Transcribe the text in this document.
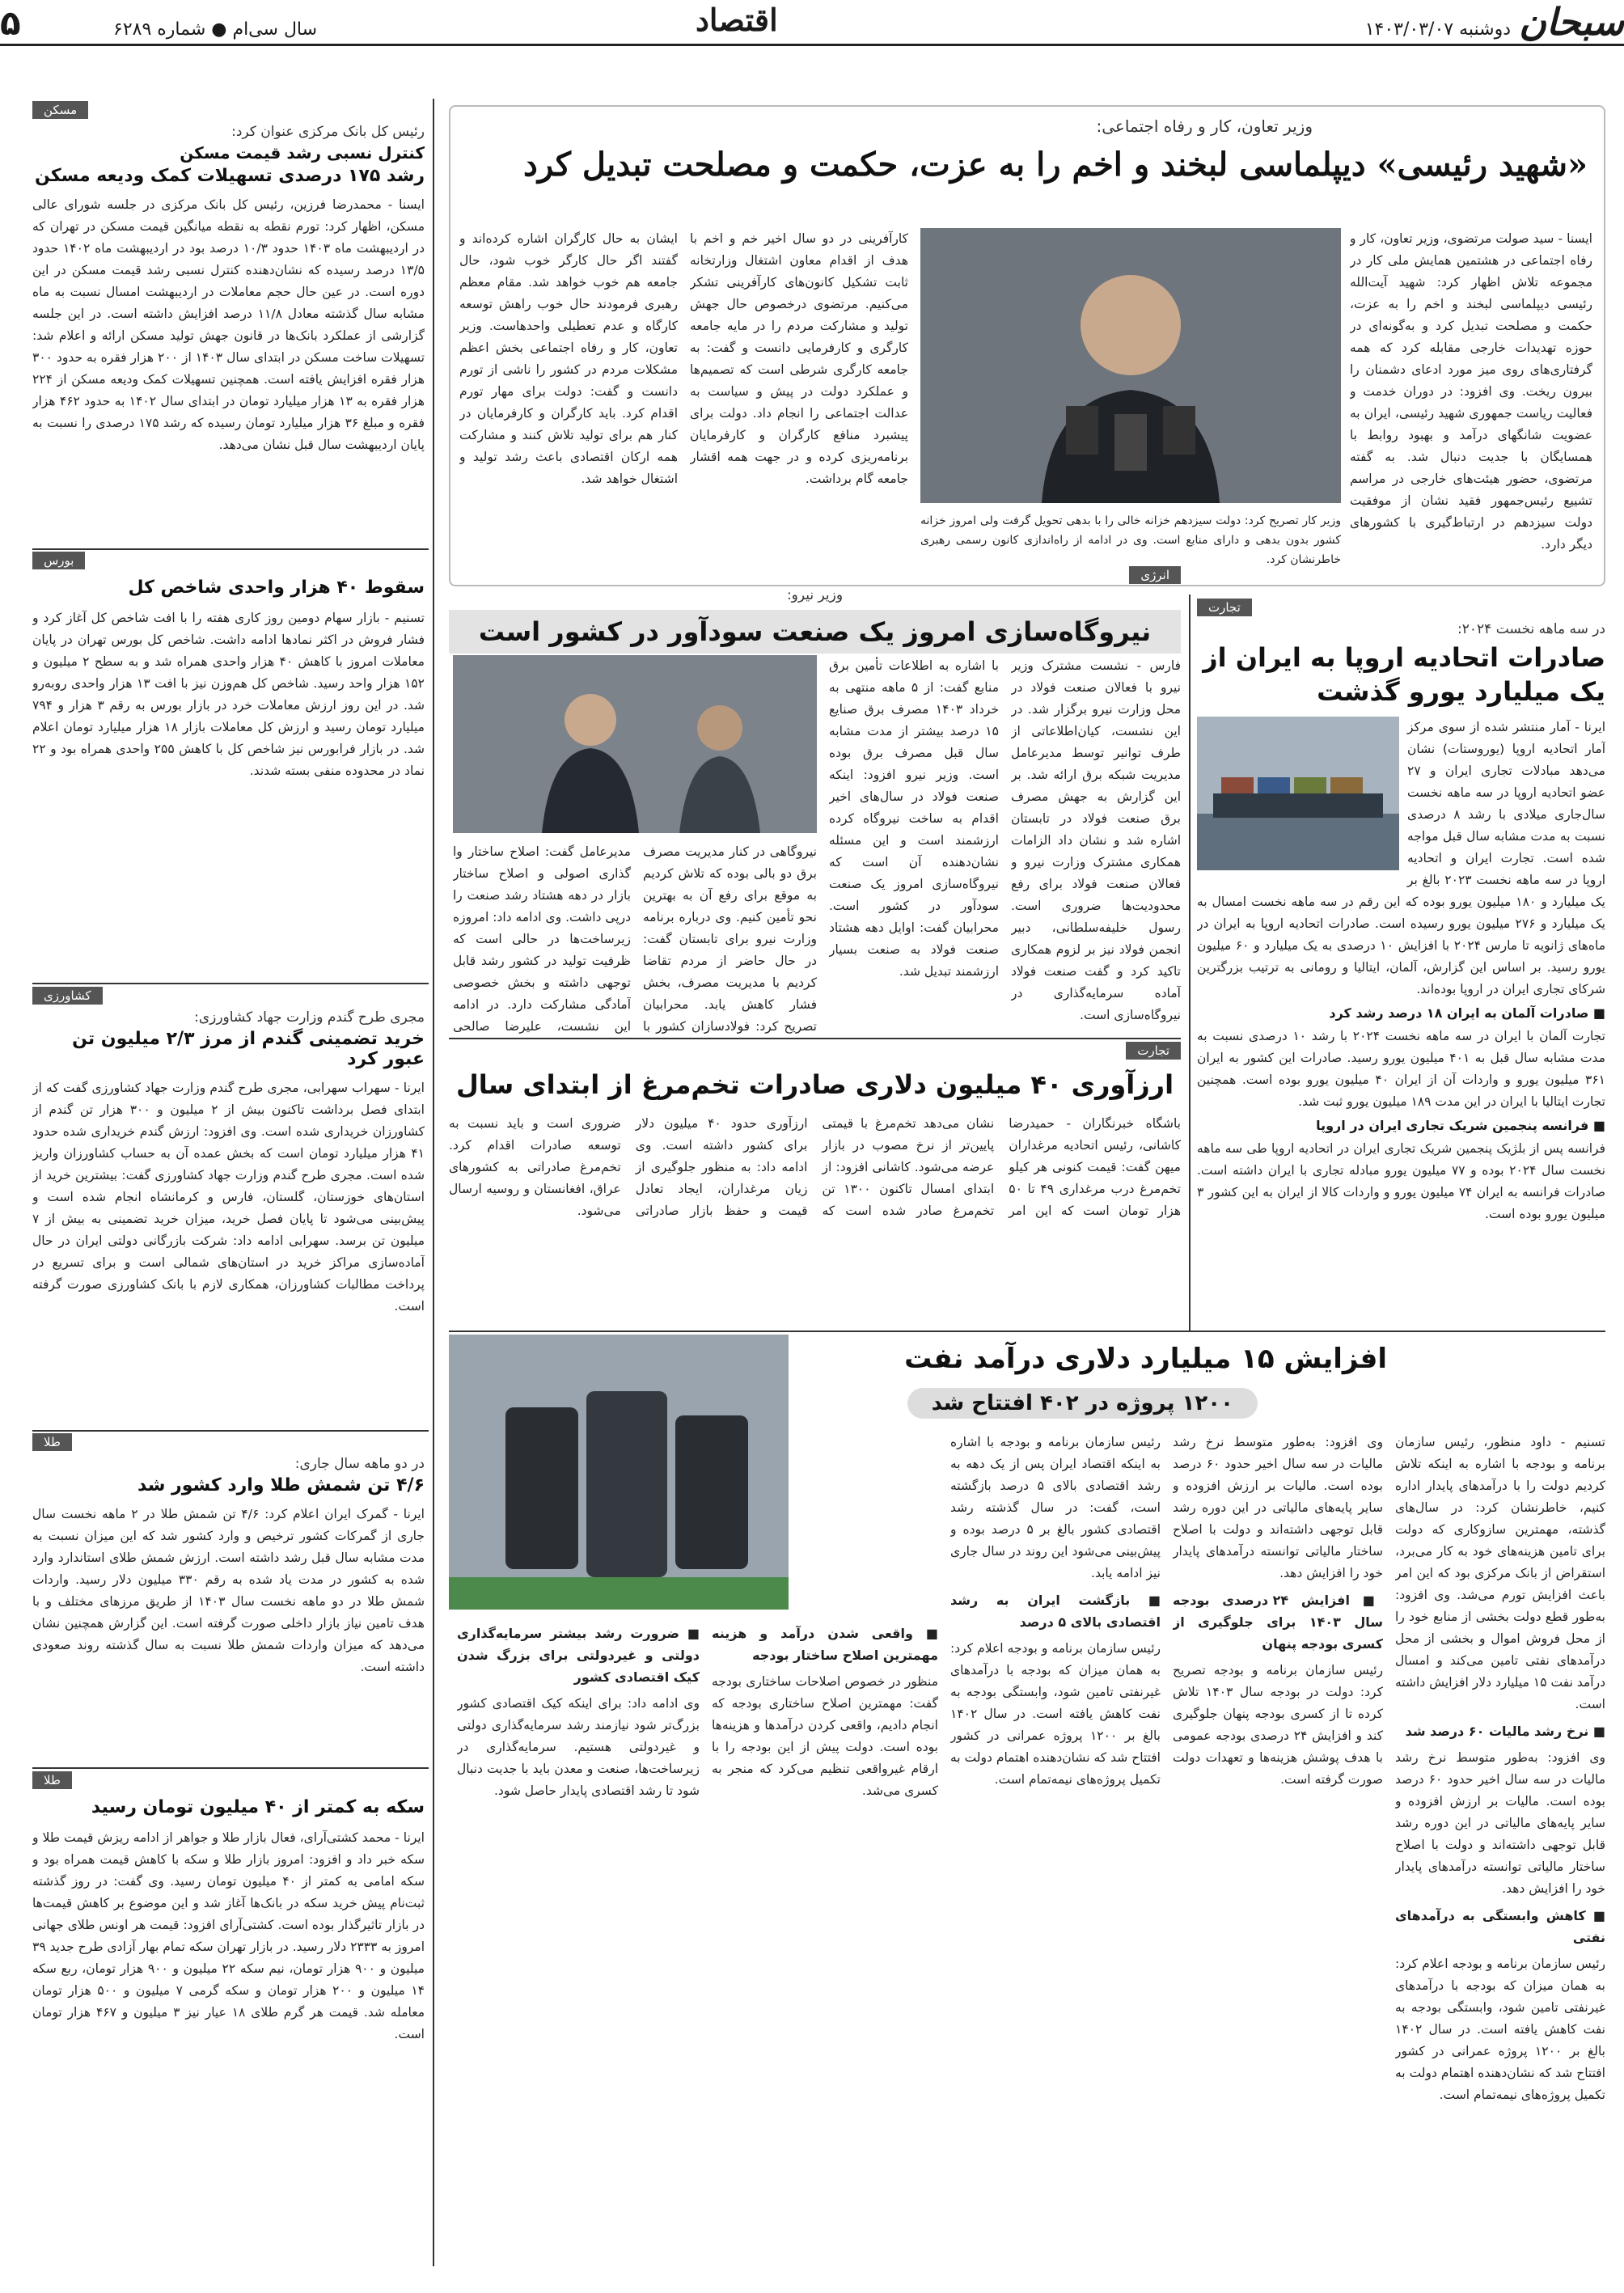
سبحان
دوشنبه ۱۴۰۳/۰۳/۰۷
اقتصاد
سال سی‌ام ● شماره ۶۲۸۹
۵
مسکن
رئیس کل بانک مرکزی عنوان کرد:
کنترل نسبی رشد قیمت مسکن
رشد ۱۷۵ درصدی تسهیلات کمک ودیعه مسکن
ایسنا - محمدرضا فرزین، رئیس کل بانک مرکزی در جلسه شورای عالی مسکن، اظهار کرد: تورم نقطه به نقطه میانگین قیمت مسکن در تهران که در اردیبهشت ماه ۱۴۰۳ حدود ۱۰/۳ درصد بود در اردیبهشت ماه ۱۴۰۲ حدود ۱۳/۵ درصد رسیده که نشان‌دهنده کنترل نسبی رشد قیمت مسکن در این دوره است. در عین حال حجم معاملات در اردیبهشت امسال نسبت به ماه مشابه سال گذشته معادل ۱۱/۸ درصد افزایش داشته است. در این جلسه گزارشی از عملکرد بانک‌ها در قانون جهش تولید مسکن ارائه و اعلام شد: تسهیلات ساخت مسکن در ابتدای سال ۱۴۰۳ از ۲۰۰ هزار فقره به حدود ۳۰۰ هزار فقره افزایش یافته است. همچنین تسهیلات کمک ودیعه مسکن از ۲۲۴ هزار فقره به ۱۳ هزار میلیارد تومان در ابتدای سال ۱۴۰۲ به حدود ۴۶۲ هزار فقره و مبلغ ۳۶ هزار میلیارد تومان رسیده که رشد ۱۷۵ درصدی را نسبت به پایان اردیبهشت سال قبل نشان می‌دهد.
بورس
سقوط ۴۰ هزار واحدی شاخص کل
تسنیم - بازار سهام دومین روز کاری هفته را با افت شاخص کل آغاز کرد و فشار فروش در اکثر نمادها ادامه داشت. شاخص کل بورس تهران در پایان معاملات امروز با کاهش ۴۰ هزار واحدی همراه شد و به سطح ۲ میلیون و ۱۵۲ هزار واحد رسید. شاخص کل هم‌وزن نیز با افت ۱۳ هزار واحدی روبه‌رو شد. در این روز ارزش معاملات خرد در بازار بورس به رقم ۳ هزار و ۷۹۴ میلیارد تومان رسید و ارزش کل معاملات بازار ۱۸ هزار میلیارد تومان اعلام شد. در بازار فرابورس نیز شاخص کل با کاهش ۲۵۵ واحدی همراه بود و ۲۲ نماد در محدوده منفی بسته شدند.
کشاورزی
مجری طرح گندم وزارت جهاد کشاورزی:
خرید تضمینی گندم از مرز ۲/۳ میلیون تن عبور کرد
ایرنا - سهراب سهرابی، مجری طرح گندم وزارت جهاد کشاورزی گفت که از ابتدای فصل برداشت تاکنون بیش از ۲ میلیون و ۳۰۰ هزار تن گندم از کشاورزان خریداری شده است. وی افزود: ارزش گندم خریداری شده حدود ۴۱ هزار میلیارد تومان است که بخش عمده آن به حساب کشاورزان واریز شده است. مجری طرح گندم وزارت جهاد کشاورزی گفت: بیشترین خرید از استان‌های خوزستان، گلستان، فارس و کرمانشاه انجام شده است و پیش‌بینی می‌شود تا پایان فصل خرید، میزان خرید تضمینی به بیش از ۷ میلیون تن برسد. سهرابی ادامه داد: شرکت بازرگانی دولتی ایران در حال آماده‌سازی مراکز خرید در استان‌های شمالی است و برای تسریع در پرداخت مطالبات کشاورزان، همکاری لازم با بانک کشاورزی صورت گرفته است.
طلا
در دو ماهه سال جاری:
۴/۶ تن شمش طلا وارد کشور شد
ایرنا - گمرک ایران اعلام کرد: ۴/۶ تن شمش طلا در ۲ ماهه نخست سال جاری از گمرکات کشور ترخیص و وارد کشور شد که این میزان نسبت به مدت مشابه سال قبل رشد داشته است. ارزش شمش طلای استاندارد وارد شده به کشور در مدت یاد شده به رقم ۳۳۰ میلیون دلار رسید. واردات شمش طلا در دو ماهه نخست سال ۱۴۰۳ از طریق مرزهای مختلف و با هدف تامین نیاز بازار داخلی صورت گرفته است. این گزارش همچنین نشان می‌دهد که میزان واردات شمش طلا نسبت به سال گذشته روند صعودی داشته است.
طلا
سکه به کمتر از ۴۰ میلیون تومان رسید
ایرنا - محمد کشتی‌آرای، فعال بازار طلا و جواهر از ادامه ریزش قیمت طلا و سکه خبر داد و افزود: امروز بازار طلا و سکه با کاهش قیمت همراه بود و سکه امامی به کمتر از ۴۰ میلیون تومان رسید. وی گفت: در روز گذشته ثبت‌نام پیش خرید سکه در بانک‌ها آغاز شد و این موضوع بر کاهش قیمت‌ها در بازار تاثیرگذار بوده است. کشتی‌آرای افزود: قیمت هر اونس طلای جهانی امروز به ۲۳۳۳ دلار رسید. در بازار تهران سکه تمام بهار آزادی طرح جدید ۳۹ میلیون و ۹۰۰ هزار تومان، نیم سکه ۲۲ میلیون و ۹۰۰ هزار تومان، ربع سکه ۱۴ میلیون و ۲۰۰ هزار تومان و سکه گرمی ۷ میلیون و ۵۰۰ هزار تومان معامله شد. قیمت هر گرم طلای ۱۸ عیار نیز ۳ میلیون و ۴۶۷ هزار تومان است.
وزیر تعاون، کار و رفاه اجتماعی:
«شهید رئیسی» دیپلماسی لبخند و اخم را به عزت، حکمت و مصلحت تبدیل کرد
ایسنا - سید صولت مرتضوی، وزیر تعاون، کار و رفاه اجتماعی در هشتمین همایش ملی کار در مجموعه تلاش اظهار کرد: شهید آیت‌الله رئیسی دیپلماسی لبخند و اخم را به عزت، حکمت و مصلحت تبدیل کرد و به‌گونه‌ای در حوزه تهدیدات خارجی مقابله کرد که همه گرفتاری‌های روی میز مورد ادعای دشمنان را بیرون ریخت. وی افزود: در دوران خدمت و فعالیت ریاست جمهوری شهید رئیسی، ایران به عضویت شانگهای درآمد و بهبود روابط با همسایگان با جدیت دنبال شد. به گفته مرتضوی، حضور هیئت‌های خارجی در مراسم تشییع رئیس‌جمهور فقید نشان از موفقیت دولت سیزدهم در ارتباط‌گیری با کشورهای دیگر دارد.
وزیر کار تصریح کرد: دولت سیزدهم خزانه خالی را با بدهی تحویل گرفت ولی امروز خزانه کشور بدون بدهی و دارای منابع است. وی در ادامه از راه‌اندازی کانون رسمی رهبری خاطرنشان کرد.
کارآفرینی در دو سال اخیر خم و اخم با هدف از اقدام معاون اشتغال وزارتخانه ثابت تشکیل کانون‌های کارآفرینی تشکر می‌کنیم. مرتضوی درخصوص حال جهش تولید و مشارکت مردم را در مایه جامعه کارگری و کارفرمایی دانست و گفت: به جامعه کارگری شرطی است که تصمیم‌ها و عملکرد دولت در پیش و سیاست به عدالت اجتماعی را انجام داد. دولت برای پیشبرد منافع کارگران و کارفرمایان برنامه‌ریزی کرده و در جهت همه اقشار جامعه گام برداشت.
ایشان به حال کارگران اشاره کرده‌اند و گفتند اگر حال کارگر خوب شود، حال جامعه هم خوب خواهد شد. مقام معظم رهبری فرمودند حال خوب راهش توسعه کارگاه و عدم تعطیلی واحدهاست. وزیر تعاون، کار و رفاه اجتماعی بخش اعظم مشکلات مردم در کشور را ناشی از تورم دانست و گفت: دولت برای مهار تورم اقدام کرد. باید کارگران و کارفرمایان در کنار هم برای تولید تلاش کنند و مشارکت همه ارکان اقتصادی باعث رشد تولید و اشتغال خواهد شد.
تجارت
در سه ماهه نخست ۲۰۲۴:
صادرات اتحادیه اروپا به ایران از یک میلیارد یورو گذشت
ایرنا - آمار منتشر شده از سوی مرکز آمار اتحادیه اروپا (یوروستات) نشان می‌دهد مبادلات تجاری ایران و ۲۷ عضو اتحادیه اروپا در سه ماهه نخست سال‌جاری میلادی با رشد ۸ درصدی نسبت به مدت مشابه سال قبل مواجه شده است. تجارت ایران و اتحادیه اروپا در سه ماهه نخست ۲۰۲۳ بالغ بر یک میلیارد و ۱۸۰ میلیون یورو بوده که این رقم در سه ماهه نخست امسال به یک میلیارد و ۲۷۶ میلیون یورو رسیده است. صادرات اتحادیه اروپا به ایران در ماه‌های ژانویه تا مارس ۲۰۲۴ با افزایش ۱۰ درصدی به یک میلیارد و ۶۰ میلیون یورو رسید. بر اساس این گزارش، آلمان، ایتالیا و رومانی به ترتیب بزرگترین شرکای تجاری ایران در اروپا بوده‌اند.
■ صادرات آلمان به ایران ۱۸ درصد رشد کرد
تجارت آلمان با ایران در سه ماهه نخست ۲۰۲۴ با رشد ۱۰ درصدی نسبت به مدت مشابه سال قبل به ۴۰۱ میلیون یورو رسید. صادرات این کشور به ایران ۳۶۱ میلیون یورو و واردات آن از ایران ۴۰ میلیون یورو بوده است. همچنین تجارت ایتالیا با ایران در این مدت ۱۸۹ میلیون یورو ثبت شد.
■ فرانسه پنجمین شریک تجاری ایران در اروپا
فرانسه پس از بلژیک پنجمین شریک تجاری ایران در اتحادیه اروپا طی سه ماهه نخست سال ۲۰۲۴ بوده و ۷۷ میلیون یورو مبادله تجاری با ایران داشته است. صادرات فرانسه به ایران ۷۴ میلیون یورو و واردات کالا از ایران به این کشور ۳ میلیون یورو بوده است.
انرژی
وزیر نیرو:
نیروگاه‌سازی امروز یک صنعت سودآور در کشور است
فارس - نشست مشترک وزیر نیرو با فعالان صنعت فولاد در محل وزارت نیرو برگزار شد. در این نشست، کیان‌اطلاعاتی از طرف توانیر توسط مدیرعامل مدیریت شبکه برق ارائه شد. بر این گزارش به جهش مصرف برق صنعت فولاد در تابستان اشاره شد و نشان داد الزامات همکاری مشترک وزارت نیرو و فعالان صنعت فولاد برای رفع محدودیت‌ها ضروری است. رسول خلیفه‌سلطانی، دبیر انجمن فولاد نیز بر لزوم همکاری تاکید کرد و گفت صنعت فولاد آماده سرمایه‌گذاری در نیروگاه‌سازی است.
با اشاره به اطلاعات تأمین برق منابع گفت: از ۵ ماهه منتهی به خرداد ۱۴۰۳ مصرف برق صنایع ۱۵ درصد بیشتر از مدت مشابه سال قبل مصرف برق بوده است. وزیر نیرو افزود: اینکه صنعت فولاد در سال‌های اخیر اقدام به ساخت نیروگاه کرده ارزشمند است و این مسئله نشان‌دهنده آن است که نیروگاه‌سازی امروز یک صنعت سودآور در کشور است. محرابیان گفت: اوایل دهه هشتاد صنعت فولاد به صنعت بسیار ارزشمند تبدیل شد.
نیروگاهی در کنار مدیریت مصرف برق دو بالی بوده که تلاش کردیم به موقع برای رفع آن به بهترین نحو تأمین کنیم. وی درباره برنامه وزارت نیرو برای تابستان گفت: در حال حاضر از مردم تقاضا کردیم با مدیریت مصرف، بخش فشار کاهش یابد. محرابیان تصریح کرد: فولادسازان کشور با
مدیرعامل گفت: اصلاح ساختار وا گذاری اصولی و اصلاح ساختار بازار در دهه هشتاد رشد صنعت را درپی داشت. وی ادامه داد: امروزه زیرساخت‌ها در حالی است که ظرفیت تولید در کشور رشد قابل توجهی داشته و بخش خصوصی آمادگی مشارکت دارد. در ادامه این نشست، علیرضا صالحی
تجارت
ارزآوری ۴۰ میلیون دلاری صادرات تخم‌مرغ از ابتدای سال
باشگاه خبرنگاران - حمیدرضا کاشانی، رئیس اتحادیه مرغداران میهن گفت: قیمت کنونی هر کیلو تخم‌مرغ درب مرغداری ۴۹ تا ۵۰ هزار تومان است که این امر نشان می‌دهد تخم‌مرغ با قیمتی پایین‌تر از نرخ مصوب در بازار عرضه می‌شود. کاشانی افزود: از ابتدای امسال تاکنون ۱۳۰۰ تن تخم‌مرغ صادر شده است که ارزآوری حدود ۴۰ میلیون دلار برای کشور داشته است. وی ادامه داد: به منظور جلوگیری از زیان مرغداران، ایجاد تعادل قیمت و حفظ بازار صادراتی ضروری است و باید نسبت به توسعه صادرات اقدام کرد. تخم‌مرغ صادراتی به کشورهای عراق، افغانستان و روسیه ارسال می‌شود.
افزایش ۱۵ میلیارد دلاری درآمد نفت
۱۲۰۰ پروژه در ۴۰۲ افتتاح شد
تسنیم - داود منظور، رئیس سازمان برنامه و بودجه با اشاره به اینکه تلاش کردیم دولت را با درآمدهای پایدار اداره کنیم، خاطرنشان کرد: در سال‌های گذشته، مهمترین سازوکاری که دولت برای تامین هزینه‌های خود به کار می‌برد، استقراض از بانک مرکزی بود که این امر باعث افزایش تورم می‌شد. وی افزود: به‌طور قطع دولت بخشی از منابع خود را از محل فروش اموال و بخشی از محل درآمدهای نفتی تامین می‌کند و امسال درآمد نفت ۱۵ میلیارد دلار افزایش داشته است.
■ نرخ رشد مالیات ۶۰ درصد شد
وی افزود: به‌طور متوسط نرخ رشد مالیات در سه سال اخیر حدود ۶۰ درصد بوده است. مالیات بر ارزش افزوده و سایر پایه‌های مالیاتی در این دوره رشد قابل توجهی داشته‌اند و دولت با اصلاح ساختار مالیاتی توانسته درآمدهای پایدار خود را افزایش دهد.
■ کاهش وابستگی به درآمدهای نفتی
رئیس سازمان برنامه و بودجه اعلام کرد: به همان میزان که بودجه با درآمدهای غیرنفتی تامین شود، وابستگی بودجه به نفت کاهش یافته است. در سال ۱۴۰۲ بالغ بر ۱۲۰۰ پروژه عمرانی در کشور افتتاح شد که نشان‌دهنده اهتمام دولت به تکمیل پروژه‌های نیمه‌تمام است.
وی افزود: به‌طور متوسط نرخ رشد مالیات در سه سال اخیر حدود ۶۰ درصد بوده است. مالیات بر ارزش افزوده و سایر پایه‌های مالیاتی در این دوره رشد قابل توجهی داشته‌اند و دولت با اصلاح ساختار مالیاتی توانسته درآمدهای پایدار خود را افزایش دهد.
■ افزایش ۲۴ درصدی بودجه سال ۱۴۰۳ برای جلوگیری از کسری بودجه پنهان
رئیس سازمان برنامه و بودجه تصریح کرد: دولت در بودجه سال ۱۴۰۳ تلاش کرده تا از کسری بودجه پنهان جلوگیری کند و افزایش ۲۴ درصدی بودجه عمومی با هدف پوشش هزینه‌ها و تعهدات دولت صورت گرفته است.
رئیس سازمان برنامه و بودجه با اشاره به اینکه اقتصاد ایران پس از یک دهه به رشد اقتصادی بالای ۵ درصد بازگشته است، گفت: در سال گذشته رشد اقتصادی کشور بالغ بر ۵ درصد بوده و پیش‌بینی می‌شود این روند در سال جاری نیز ادامه یابد.
■ بازگشت ایران به رشد اقتصادی بالای ۵ درصد
رئیس سازمان برنامه و بودجه اعلام کرد: به همان میزان که بودجه با درآمدهای غیرنفتی تامین شود، وابستگی بودجه به نفت کاهش یافته است. در سال ۱۴۰۲ بالغ بر ۱۲۰۰ پروژه عمرانی در کشور افتتاح شد که نشان‌دهنده اهتمام دولت به تکمیل پروژه‌های نیمه‌تمام است.
■ واقعی شدن درآمد و هزینه مهمترین اصلاح ساختار بودجه
منظور در خصوص اصلاحات ساختاری بودجه گفت: مهمترین اصلاح ساختاری بودجه که انجام دادیم، واقعی کردن درآمدها و هزینه‌ها بوده است. دولت پیش از این بودجه را با ارقام غیرواقعی تنظیم می‌کرد که منجر به کسری می‌شد.
■ ضرورت رشد بیشتر سرمایه‌گذاری دولتی و غیردولتی برای بزرگ شدن کیک اقتصادی کشور
وی ادامه داد: برای اینکه کیک اقتصادی کشور بزرگ‌تر شود نیازمند رشد سرمایه‌گذاری دولتی و غیردولتی هستیم. سرمایه‌گذاری در زیرساخت‌ها، صنعت و معدن باید با جدیت دنبال شود تا رشد اقتصادی پایدار حاصل شود.
